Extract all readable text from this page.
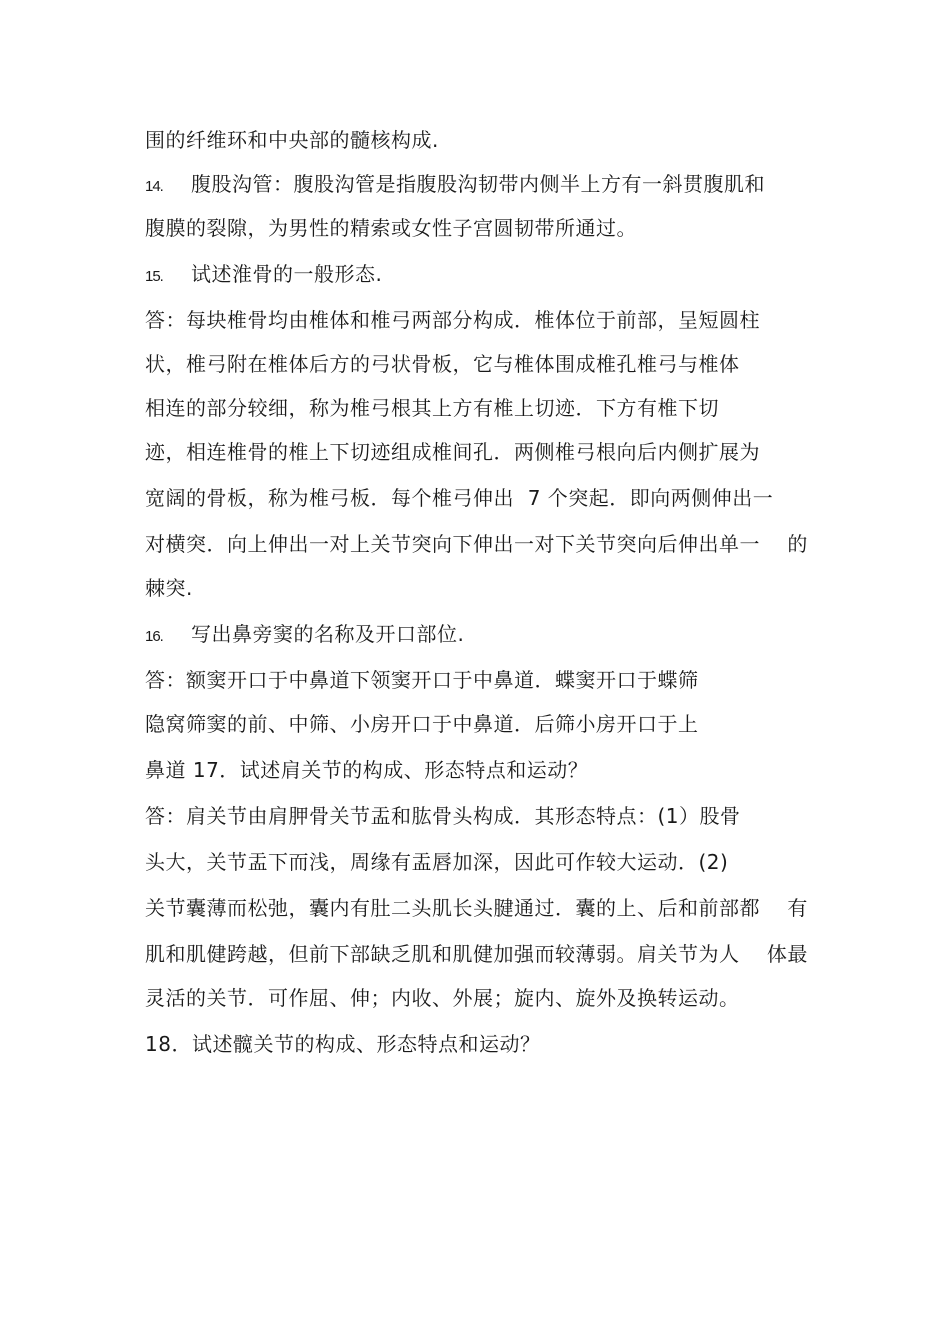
围的纤维环和中央部的髓核构成.
14. 腹股沟管：腹股沟管是指腹股沟韧带内侧半上方有一斜贯腹肌和
腹膜的裂隙，为男性的精索或女性子宫圆韧带所通过。
15. 试述淮骨的一般形态.
答：每块椎骨均由椎体和椎弓两部分构成．椎体位于前部，呈短圆柱
状，椎弓附在椎体后方的弓状骨板，它与椎体围成椎孔椎弓与椎体
相连的部分较细，称为椎弓根其上方有椎上切迹．下方有椎下切
迹，相连椎骨的椎上下切迹组成椎间孔．两侧椎弓根向后内侧扩展为
宽阔的骨板，称为椎弓板．每个椎弓伸出  7 个突起．即向两侧伸出一
对横突．向上伸出一对上关节突向下伸出一对下关节突向后伸出单一    的
棘突.
16. 写出鼻旁窦的名称及开口部位.
答：额窦开口于中鼻道下领窦开口于中鼻道．蝶窦开口于蝶筛
隐窝筛窦的前、中筛、小房开口于中鼻道．后筛小房开口于上
鼻道 17．试述肩关节的构成、形态特点和运动？
答：肩关节由肩胛骨关节盂和肱骨头构成．其形态特点：(1）股骨
头大，关节盂下而浅，周缘有盂唇加深，因此可作较大运动．(2)
关节囊薄而松弛，囊内有肚二头肌长头腱通过．囊的上、后和前部都    有
肌和肌健跨越，但前下部缺乏肌和肌健加强而较薄弱。肩关节为人    体最
灵活的关节．可作屈、伸；内收、外展；旋内、旋外及换转运动。
18．试述髋关节的构成、形态特点和运动？
